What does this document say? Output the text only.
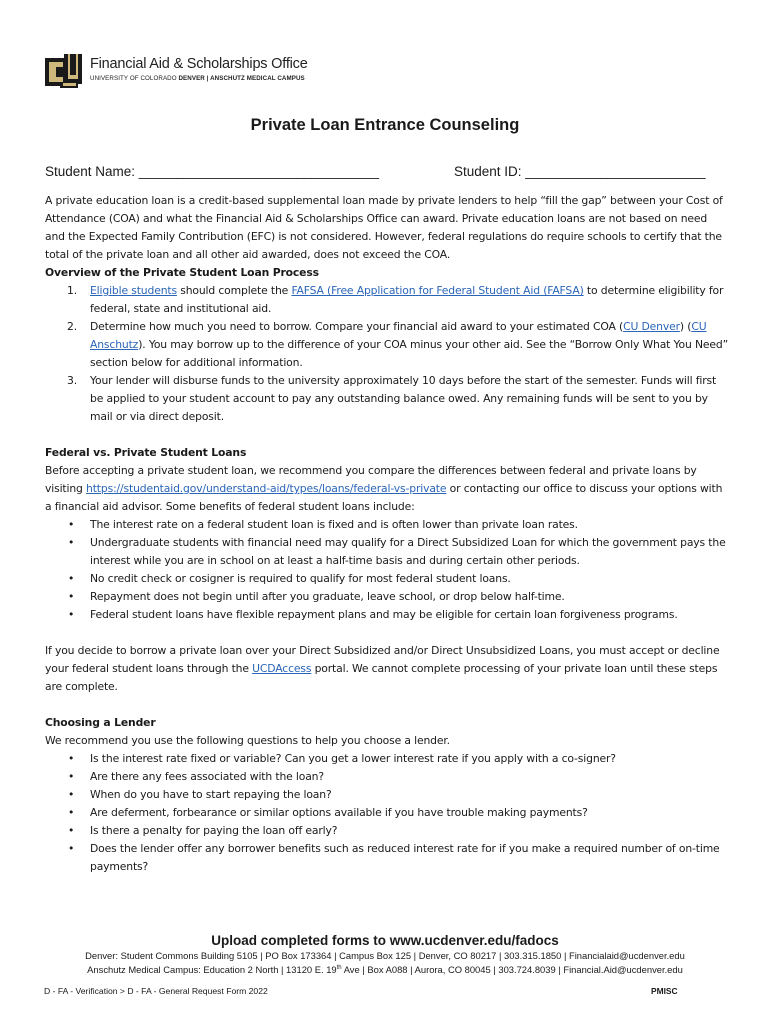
Financial Aid & Scholarships Office
UNIVERSITY OF COLORADO DENVER | ANSCHUTZ MEDICAL CAMPUS
Private Loan Entrance Counseling
Student Name: ________________________________	Student ID: ________________________

A private education loan is a credit-based supplemental loan made by private lenders to help “fill the gap” between your Cost of Attendance (COA) and what the Financial Aid & Scholarships Office can award. Private education loans are not based on need and the Expected Family Contribution (EFC) is not considered. However, federal regulations do require schools to certify that the total of the private loan and all other aid awarded, does not exceed the COA.

Overview of the Private Student Loan Process

1. Eligible students should complete the FAFSA (Free Application for Federal Student Aid (FAFSA) to determine eligibility for federal, state and institutional aid.
2. Determine how much you need to borrow. Compare your financial aid award to your estimated COA (CU Denver) (CU Anschutz). You may borrow up to the difference of your COA minus your other aid. See the “Borrow Only What You Need” section below for additional information.
3. Your lender will disburse funds to the university approximately 10 days before the start of the semester. Funds will first be applied to your student account to pay any outstanding balance owed. Any remaining funds will be sent to you by mail or via direct deposit.

Federal vs. Private Student Loans

Before accepting a private student loan, we recommend you compare the differences between federal and private loans by visiting https://studentaid.gov/understand-aid/types/loans/federal-vs-private or contacting our office to discuss your options with a financial aid advisor. Some benefits of federal student loans include:

• The interest rate on a federal student loan is fixed and is often lower than private loan rates.
• Undergraduate students with financial need may qualify for a Direct Subsidized Loan for which the government pays the interest while you are in school on at least a half-time basis and during certain other periods.
• No credit check or cosigner is required to qualify for most federal student loans.
• Repayment does not begin until after you graduate, leave school, or drop below half-time.
• Federal student loans have flexible repayment plans and may be eligible for certain loan forgiveness programs.

If you decide to borrow a private loan over your Direct Subsidized and/or Direct Unsubsidized Loans, you must accept or decline your federal student loans through the UCDAccess portal. We cannot complete processing of your private loan until these steps are complete.

Choosing a Lender

We recommend you use the following questions to help you choose a lender.

• Is the interest rate fixed or variable? Can you get a lower interest rate if you apply with a co-signer?
• Are there any fees associated with the loan?
• When do you have to start repaying the loan?
• Are deferment, forbearance or similar options available if you have trouble making payments?
• Is there a penalty for paying the loan off early?
• Does the lender offer any borrower benefits such as reduced interest rate for if you make a required number of on-time payments?
Upload completed forms to www.ucdenver.edu/fadocs
Denver: Student Commons Building 5105 | PO Box 173364 | Campus Box 125 | Denver, CO 80217 | 303.315.1850 | Financialaid@ucdenver.edu
Anschutz Medical Campus: Education 2 North | 13120 E. 19th Ave | Box A088 | Aurora, CO 80045 | 303.724.8039 | Financial.Aid@ucdenver.edu
D - FA - Verification > D - FA - General Request Form 2022	PMISC
